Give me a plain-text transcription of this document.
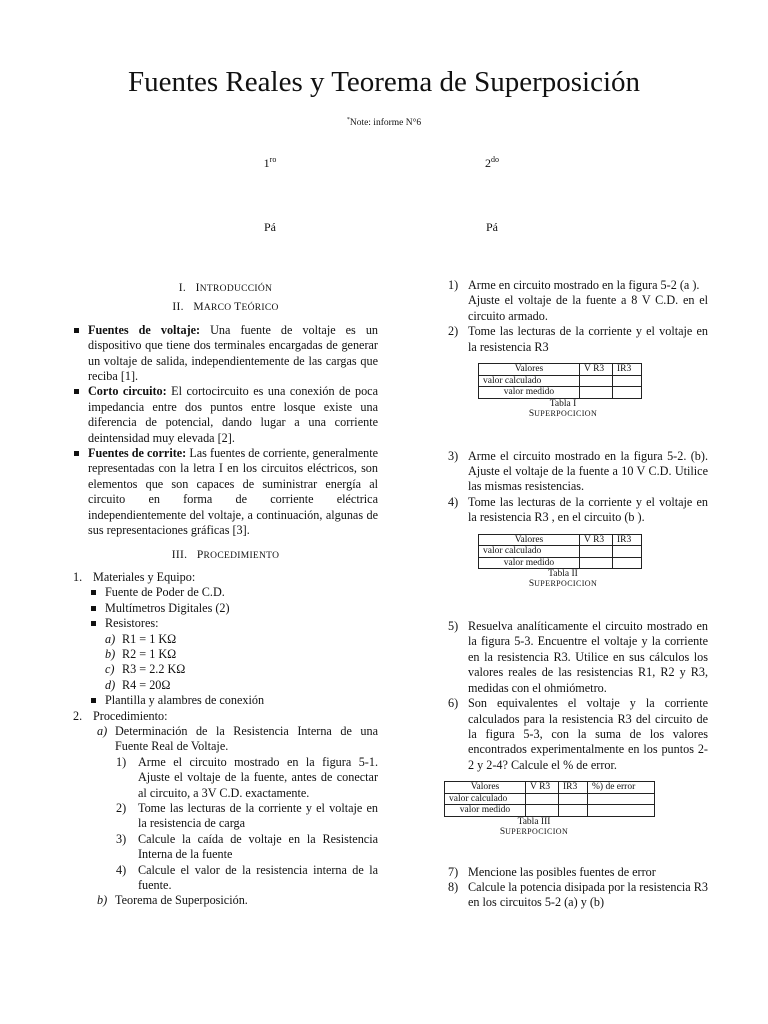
Fuentes Reales y Teorema de Superposición
*Note: informe N°6
$1^{ro}$	$2^{do}$
Pá	Pá
I. INTRODUCCIÓN
II. MARCO TEÓRICO
Fuentes de voltaje: Una fuente de voltaje es un dispositivo que tiene dos terminales encargadas de generar un voltaje de salida, independientemente de las cargas que reciba [1].
Corto circuito: El cortocircuito es una conexión de poca impedancia entre dos puntos entre losque existe una diferencia de potencial, dando lugar a una corriente deintensidad muy elevada [2].
Fuentes de corrite: Las fuentes de corriente, generalmente representadas con la letra I en los circuitos eléctricos, son elementos que son capaces de suministrar energía al circuito en forma de corriente eléctrica independientemente del voltaje, a continuación, algunas de sus representaciones gráficas [3].
III. PROCEDIMIENTO
1. Materiales y Equipo:
Fuente de Poder de C.D.
Multímetros Digitales (2)
Resistores:
a) R1 = 1 KΩ
b) R2 = 1 KΩ
c) R3 = 2.2 KΩ
d) R4 = 20Ω
Plantilla y alambres de conexión
2. Procedimiento:
a) Determinación de la Resistencia Interna de una Fuente Real de Voltaje.
1) Arme el circuito mostrado en la figura 5-1. Ajuste el voltaje de la fuente, antes de conectar al circuito, a 3V C.D. exactamente.
2) Tome las lecturas de la corriente y el voltaje en la resistencia de carga
3) Calcule la caída de voltaje en la Resistencia Interna de la fuente
4) Calcule el valor de la resistencia interna de la fuente.
b) Teorema de Superposición.
1) Arme en circuito mostrado en la figura 5-2 (a ).
Ajuste el voltaje de la fuente a 8 V C.D. en el circuito armado.
2) Tome las lecturas de la corriente y el voltaje en la resistencia R3
Valores	V R3	IR3
valor calculado		
valor medido		
Tabla I
SUPERPOCICION
3) Arme el circuito mostrado en la figura 5-2. (b). Ajuste el voltaje de la fuente a 10 V C.D. Utilice las mismas resistencias.
4) Tome las lecturas de la corriente y el voltaje en la resistencia R3 , en el circuito (b ).
Valores	V R3	IR3
valor calculado		
valor medido		
Tabla II
SUPERPOCICION
5) Resuelva analíticamente el circuito mostrado en la figura 5-3. Encuentre el voltaje y la corriente en la resistencia R3. Utilice en sus cálculos los valores reales de las resistencias R1, R2 y R3, medidas con el ohmiómetro.
6) Son equivalentes el voltaje y la corriente calculados para la resistencia R3 del circuito de la figura 5-3, con la suma de los valores encontrados experimentalmente en los puntos 2-2 y 2-4? Calcule el % de error.
Valores	V R3	IR3	%) de error
valor calculado			
valor medido			
Tabla III
SUPERPOCICION
7) Mencione las posibles fuentes de error
8) Calcule la potencia disipada por la resistencia R3 en los circuitos 5-2 (a) y (b)
